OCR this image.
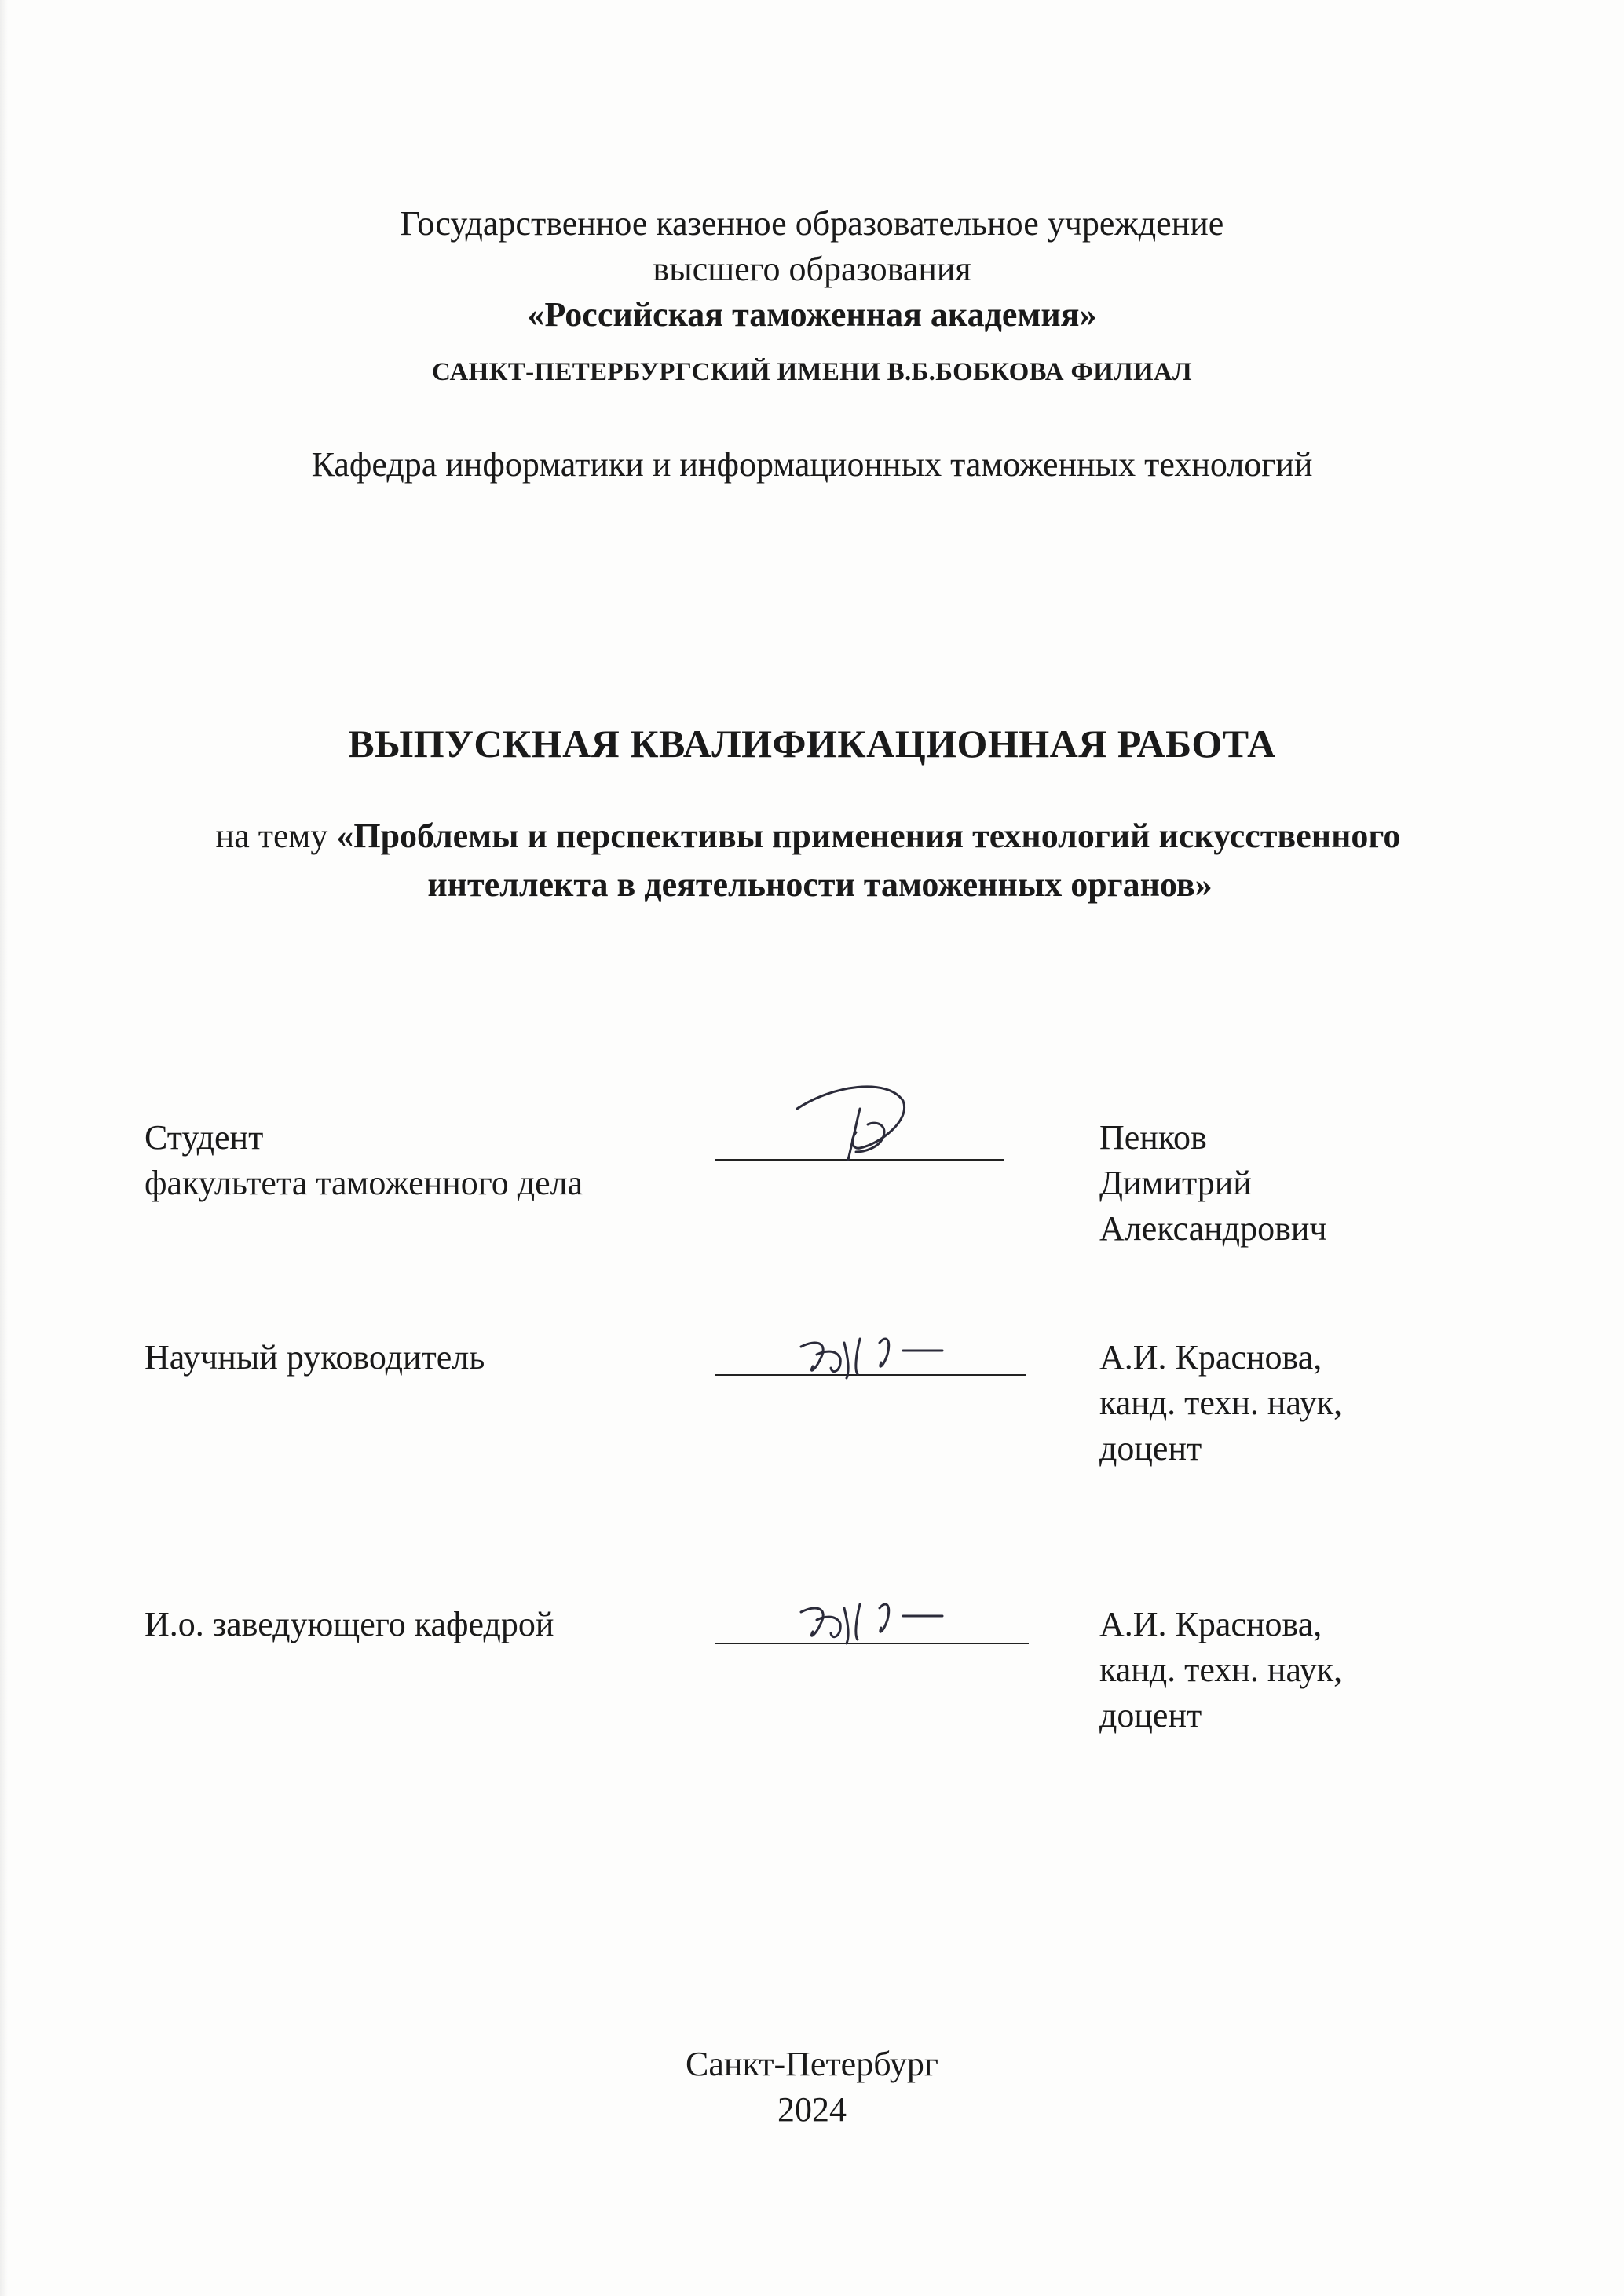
Государственное казенное образовательное учреждение
высшего образования
«Российская таможенная академия»
САНКТ-ПЕТЕРБУРГСКИЙ ИМЕНИ В.Б.БОБКОВА ФИЛИАЛ
Кафедра информатики и информационных таможенных технологий
ВЫПУСКНАЯ КВАЛИФИКАЦИОННАЯ РАБОТА
на тему «Проблемы и перспективы применения технологий искусственного
интеллекта в деятельности таможенных органов»
Студент
факультета таможенного дела
Пенков
Димитрий
Александрович
Научный руководитель	А.И. Краснова,
канд. техн. наук,
доцент
И.о. заведующего кафедрой	А.И. Краснова,
канд. техн. наук,
доцент
Санкт-Петербург
2024
